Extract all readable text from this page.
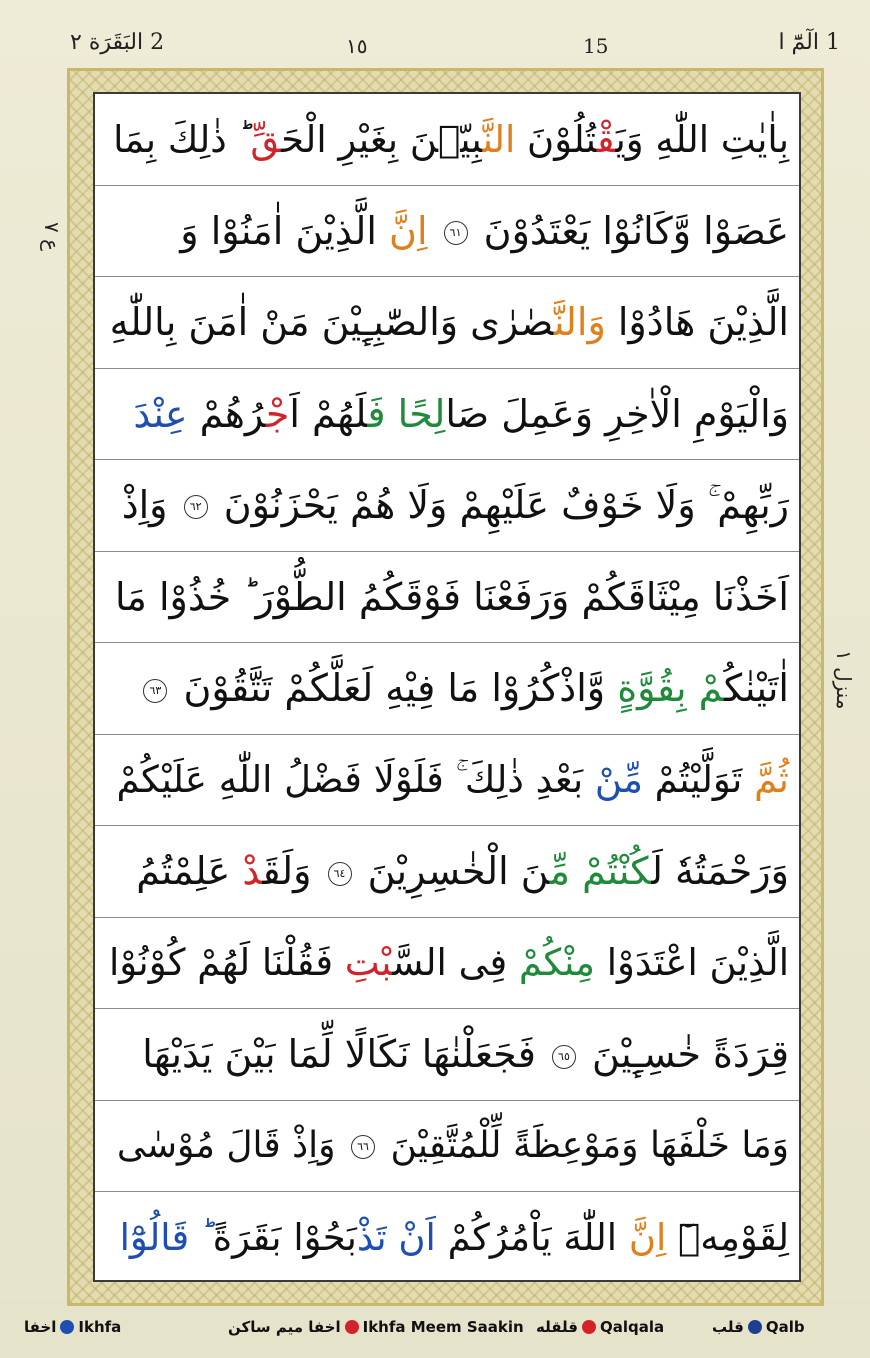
1 الٓمّٓ ا
15
١٥
2 البَقَرَة ٢
ع ٧
منزل ١
بِاٰيٰتِ اللّٰهِ وَيَقْتُلُوْنَ النَّبِيّٖنَ بِغَيْرِ الْحَقِّ ؕ ذٰلِكَ بِمَا
عَصَوْا وَّكَانُوْا يَعْتَدُوْنَ ٦١ اِنَّ الَّذِيْنَ اٰمَنُوْا وَ
الَّذِيْنَ هَادُوْا وَالنَّصٰرٰى وَالصّٰبِـِٕيْنَ مَنْ اٰمَنَ بِاللّٰهِ
وَالْيَوْمِ الْاٰخِرِ وَعَمِلَ صَالِحًا فَلَهُمْ اَجْرُهُمْ عِنْدَ
رَبِّهِمْ ۚ وَلَا خَوْفٌ عَلَيْهِمْ وَلَا هُمْ يَحْزَنُوْنَ ٦٢ وَاِذْ
اَخَذْنَا مِيْثَاقَكُمْ وَرَفَعْنَا فَوْقَكُمُ الطُّوْرَ ؕ خُذُوْا مَا
اٰتَيْنٰكُمْ بِقُوَّةٍ وَّاذْكُرُوْا مَا فِيْهِ لَعَلَّكُمْ تَتَّقُوْنَ ٦٣
ثُمَّ تَوَلَّيْتُمْ مِّنْ بَعْدِ ذٰلِكَ ۚ فَلَوْلَا فَضْلُ اللّٰهِ عَلَيْكُمْ
وَرَحْمَتُهٗ لَكُنْتُمْ مِّنَ الْخٰسِرِيْنَ ٦٤ وَلَقَدْ عَلِمْتُمُ
الَّذِيْنَ اعْتَدَوْا مِنْكُمْ فِى السَّبْتِ فَقُلْنَا لَهُمْ كُوْنُوْا
قِرَدَةً خٰسِـِٕيْنَ ٦٥ فَجَعَلْنٰهَا نَكَالًا لِّمَا بَيْنَ يَدَيْهَا
وَمَا خَلْفَهَا وَمَوْعِظَةً لِّلْمُتَّقِيْنَ ٦٦ وَاِذْ قَالَ مُوْسٰى
لِقَوْمِهٖٓ اِنَّ اللّٰهَ يَاْمُرُكُمْ اَنْ تَذْبَحُوْا بَقَرَةً ؕ قَالُوْٓا
اخفا Ikhfa	اخفا میم ساکن Ikhfa Meem Saakin قلقله Qalqala	قلب Qalb
